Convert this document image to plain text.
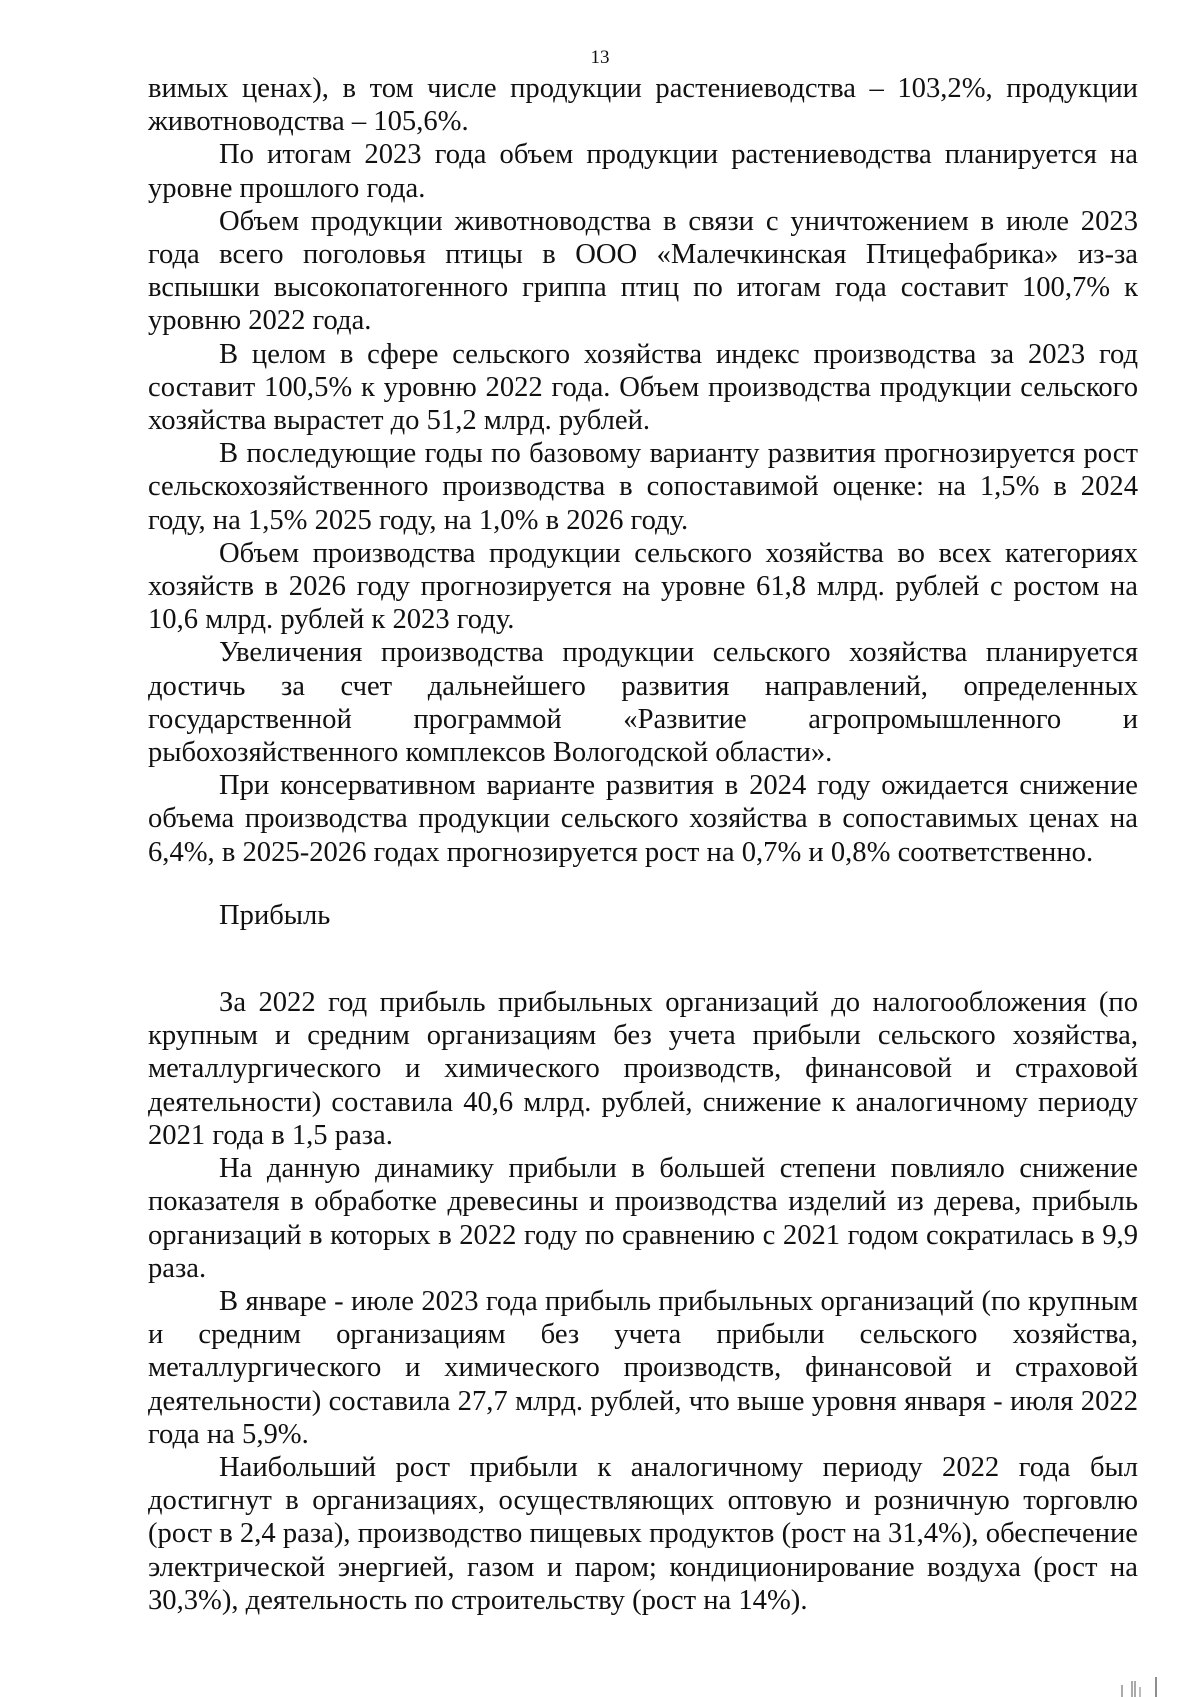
13

вимых ценах), в том числе продукции растениеводства – 103,2%, продукции животноводства – 105,6%.

По итогам 2023 года объем продукции растениеводства планируется на уровне прошлого года.

Объем продукции животноводства в связи с уничтожением в июле 2023 года всего поголовья птицы в ООО «Малечкинская Птицефабрика» из-за вспышки высокопатогенного гриппа птиц по итогам года составит 100,7% к уровню 2022 года.

В целом в сфере сельского хозяйства индекс производства за 2023 год составит 100,5% к уровню 2022 года. Объем производства продукции сельского хозяйства вырастет до 51,2 млрд. рублей.

В последующие годы по базовому варианту развития прогнозируется рост сельскохозяйственного производства в сопоставимой оценке: на 1,5% в 2024 году, на 1,5% 2025 году, на 1,0% в 2026 году.

Объем производства продукции сельского хозяйства во всех категориях хозяйств в 2026 году прогнозируется на уровне 61,8 млрд. рублей с ростом на 10,6 млрд. рублей к 2023 году.

Увеличения производства продукции сельского хозяйства планируется достичь за счет дальнейшего развития направлений, определенных государственной программой «Развитие агропромышленного и рыбохозяйственного комплексов Вологодской области».

При консервативном варианте развития в 2024 году ожидается снижение объема производства продукции сельского хозяйства в сопоставимых ценах на 6,4%, в 2025-2026 годах прогнозируется рост на 0,7% и 0,8% соответственно.

Прибыль

За 2022 год прибыль прибыльных организаций до налогообложения (по крупным и средним организациям без учета прибыли сельского хозяйства, металлургического и химического производств, финансовой и страховой деятельности) составила 40,6 млрд. рублей, снижение к аналогичному периоду 2021 года в 1,5 раза.

На данную динамику прибыли в большей степени повлияло снижение показателя в обработке древесины и производства изделий из дерева, прибыль организаций в которых в 2022 году по сравнению с 2021 годом сократилась в 9,9 раза.

В январе - июле 2023 года прибыль прибыльных организаций (по крупным и средним организациям без учета прибыли сельского хозяйства, металлургического и химического производств, финансовой и страховой деятельности) составила 27,7 млрд. рублей, что выше уровня января - июля 2022 года на 5,9%.

Наибольший рост прибыли к аналогичному периоду 2022 года был достигнут в организациях, осуществляющих оптовую и розничную торговлю (рост в 2,4 раза), производство пищевых продуктов (рост на 31,4%), обеспечение электрической энергией, газом и паром; кондиционирование воздуха (рост на 30,3%), деятельность по строительству (рост на 14%).
